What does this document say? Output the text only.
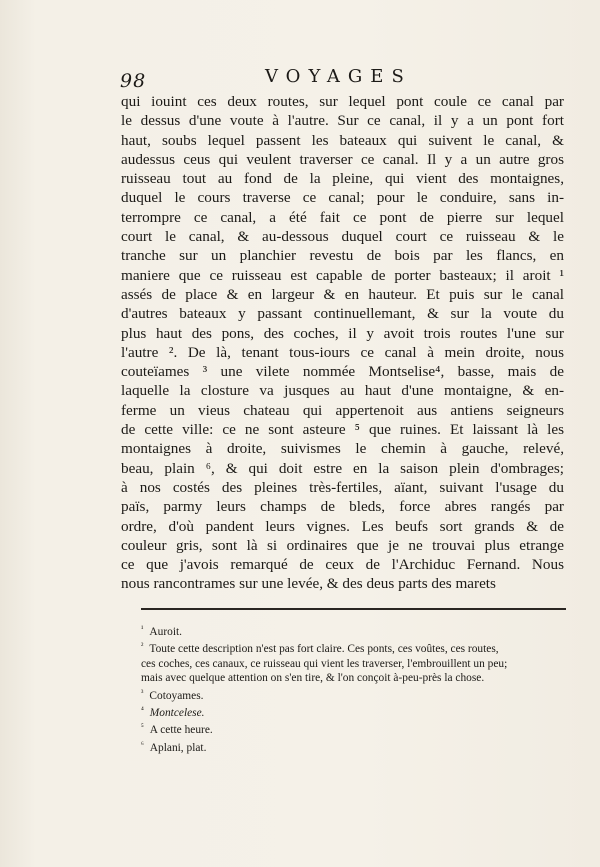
98	VOYAGES
qui iouint ces deux routes, sur lequel pont coule ce canal par
le dessus d'une voute à l'autre. Sur ce canal, il y a un pont fort
haut, soubs lequel passent les bateaux qui suivent le canal, &
audessus ceus qui veulent traverser ce canal. Il y a un autre gros
ruisseau tout au fond de la pleine, qui vient des montaignes,
duquel le cours traverse ce canal; pour le conduire, sans in-
terrompre ce canal, a été fait ce pont de pierre sur lequel
court le canal, & au-dessous duquel court ce ruisseau & le
tranche sur un planchier revestu de bois par les flancs, en
maniere que ce ruisseau est capable de porter basteaux; il aroit ¹
assés de place & en largeur & en hauteur. Et puis sur le canal
d'autres bateaux y passant continuellemant, & sur la voute du
plus haut des pons, des coches, il y avoit trois routes l'une sur
l'autre ². De là, tenant tous-iours ce canal à mein droite, nous
couteïames ³ une vilete nommée Montselise⁴, basse, mais de
laquelle la closture va jusques au haut d'une montaigne, & en-
ferme un vieus chateau qui appertenoit aus antiens seigneurs
de cette ville: ce ne sont asteure ⁵ que ruines. Et laissant là les
montaignes à droite, suivismes le chemin à gauche, relevé,
beau, plain ⁶, & qui doit estre en la saison plein d'ombrages;
à nos costés des pleines très-fertiles, aïant, suivant l'usage du
païs, parmy leurs champs de bleds, force abres rangés par
ordre, d'où pandent leurs vignes. Les beufs sort grands & de
couleur gris, sont là si ordinaires que je ne trouvai plus etrange
ce que j'avois remarqué de ceux de l'Archiduc Fernand. Nous
nous rancontrames sur une levée, & des deus parts des marets
$^{^1}$ Auroit.
$^{^2}$ Toute cette description n'est pas fort claire. Ces ponts, ces voûtes, ces routes,
ces coches, ces canaux, ce ruisseau qui vient les traverser, l'embrouillent un peu;
mais avec quelque attention on s'en tire, & l'on conçoit à-peu-près la chose.
$^{^3}$ Cotoyames.
$^{^4}$ Montcelese.
$^{^5}$ A cette heure.
$^{^6}$ Aplani, plat.
